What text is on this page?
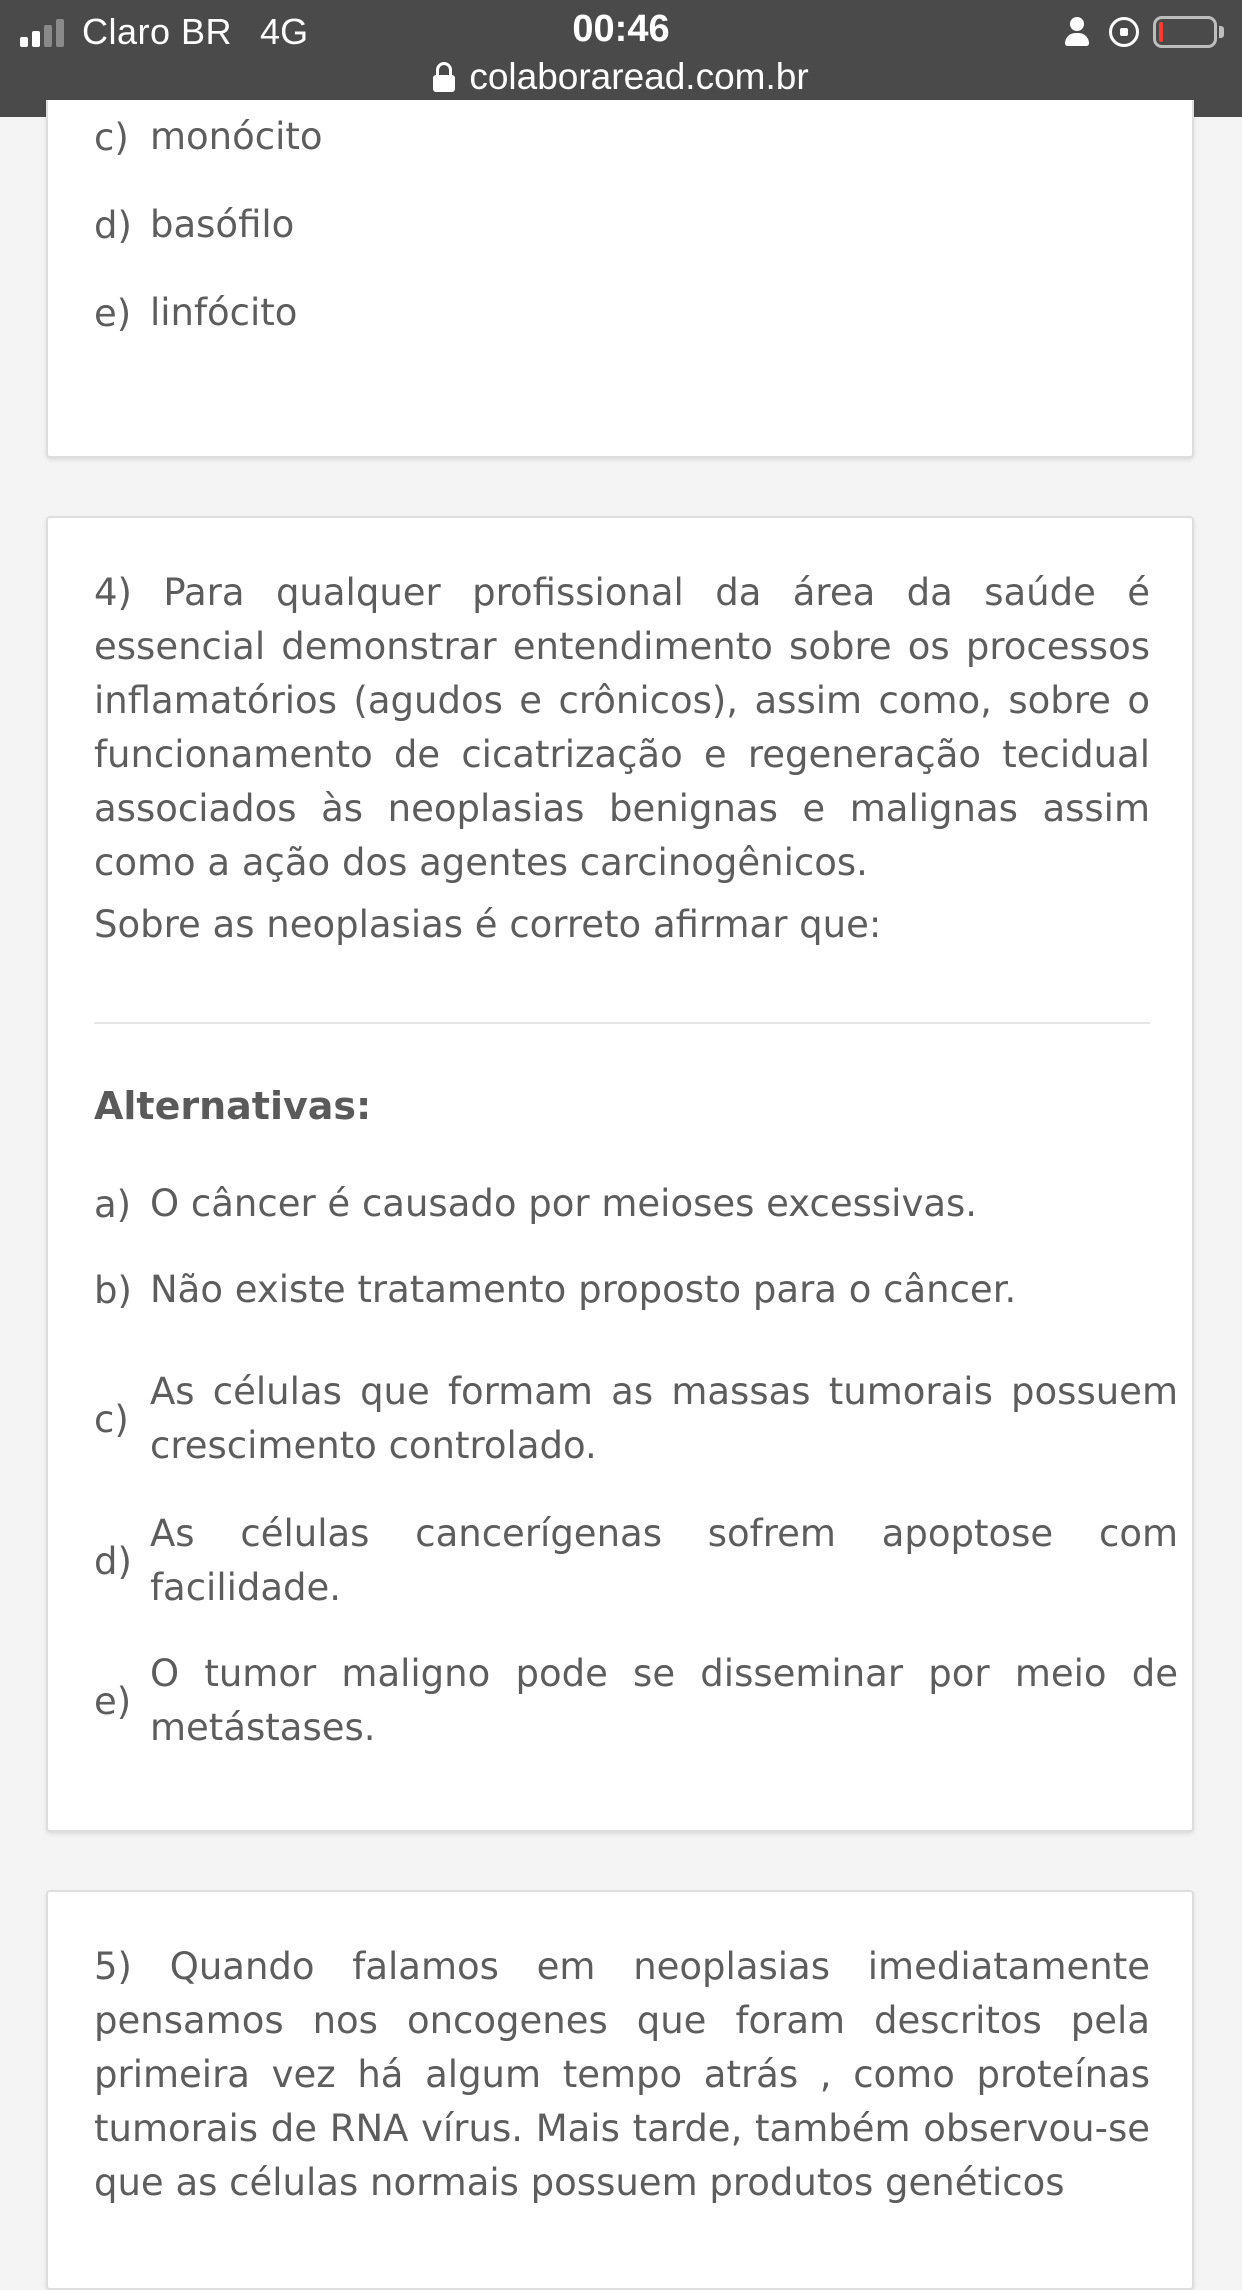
Claro BR 4G	00:46
colaboraread.com.br
c) monócito
d) basófilo
e) linfócito
4) Para qualquer profissional da área da saúde é essencial demonstrar entendimento sobre os processos inflamatórios (agudos e crônicos), assim como, sobre o funcionamento de cicatrização e regeneração tecidual associados às neoplasias benignas e malignas assim como a ação dos agentes carcinogênicos.
Sobre as neoplasias é correto afirmar que:
Alternativas:
a) O câncer é causado por meioses excessivas.
b) Não existe tratamento proposto para o câncer.
c)
As células que formam as massas tumorais possuem crescimento controlado.
d)
As células cancerígenas sofrem apoptose com facilidade.
e)
O tumor maligno pode se disseminar por meio de metástases.
5) Quando falamos em neoplasias imediatamente pensamos nos oncogenes que foram descritos pela primeira vez há algum tempo atrás , como proteínas tumorais de RNA vírus. Mais tarde, também observou-se que as células normais possuem produtos genéticos
